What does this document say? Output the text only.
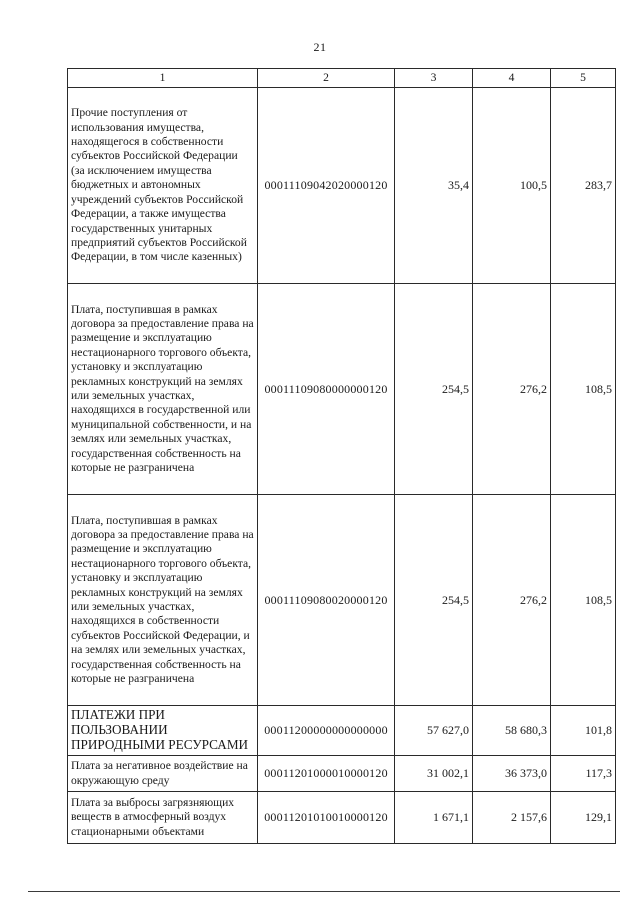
21
1	2	3	4	5
Прочие поступления от использования имущества, находящегося в собственности субъектов Российской Федерации (за исключением имущества бюджетных и автономных учреждений субъектов Российской Федерации, а также имущества государственных унитарных предприятий субъектов Российской Федерации, в том числе казенных)	00011109042020000120	35,4	100,5	283,7
Плата, поступившая в рамках договора за предоставление права на размещение и эксплуатацию нестационарного торгового объекта, установку и эксплуатацию рекламных конструкций на землях или земельных участках, находящихся в государственной или муниципальной собственности, и на землях или земельных участках, государственная собственность на которые не разграничена	00011109080000000120	254,5	276,2	108,5
Плата, поступившая в рамках договора за предоставление права на размещение и эксплуатацию нестационарного торгового объекта, установку и эксплуатацию рекламных конструкций на землях или земельных участках, находящихся в собственности субъектов Российской Федерации, и на землях или земельных участках, государственная собственность на которые не разграничена	00011109080020000120	254,5	276,2	108,5
ПЛАТЕЖИ ПРИ ПОЛЬЗОВАНИИ ПРИРОДНЫМИ РЕСУРСАМИ	00011200000000000000	57 627,0	58 680,3	101,8
Плата за негативное воздействие на окружающую среду	00011201000010000120	31 002,1	36 373,0	117,3
Плата за выбросы загрязняющих веществ в атмосферный воздух стационарными объектами	00011201010010000120	1 671,1	2 157,6	129,1
